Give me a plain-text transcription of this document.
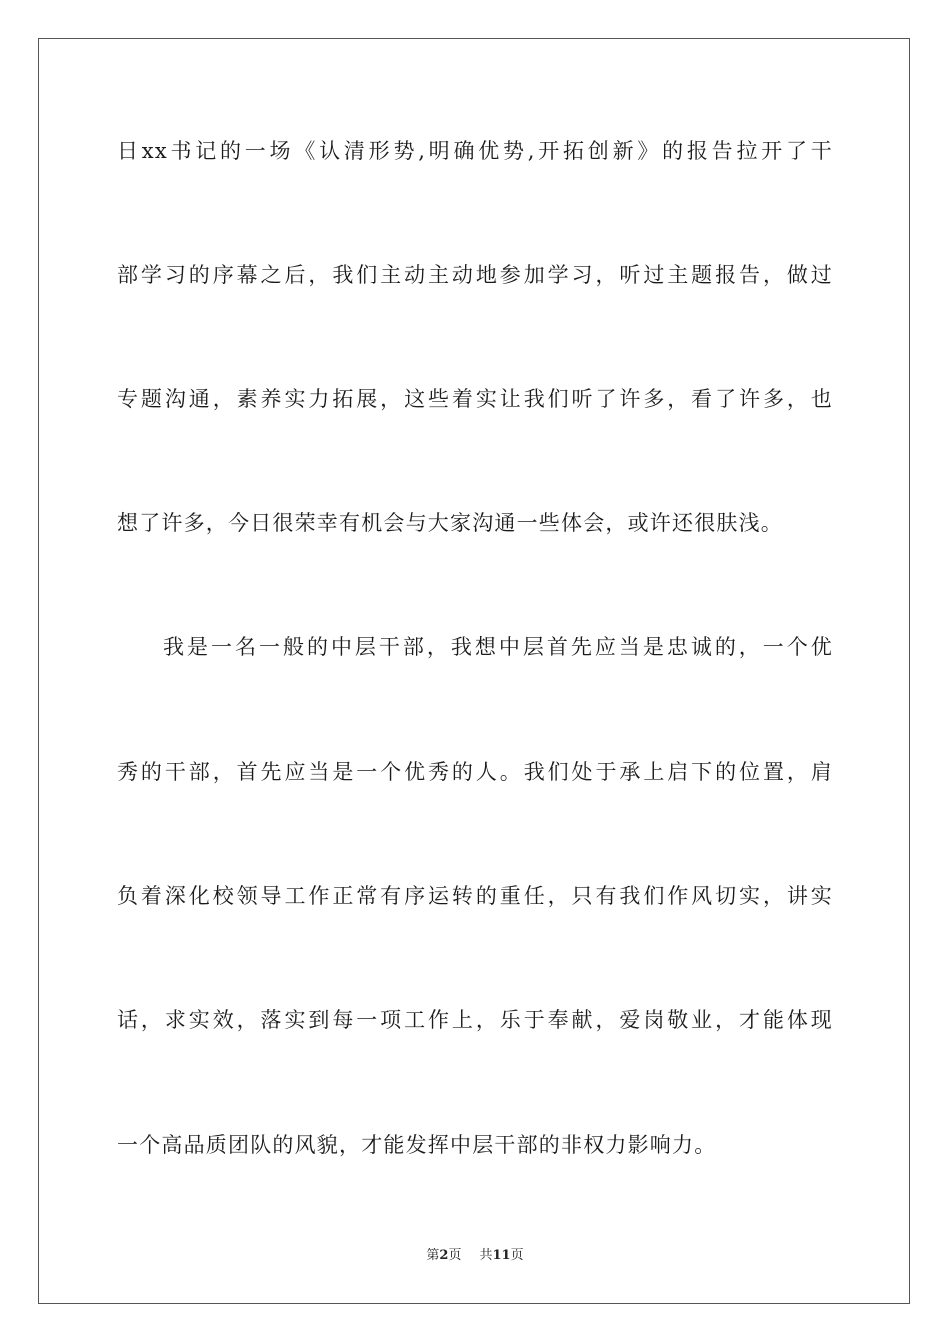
日xx书记的一场《认清形势,明确优势,开拓创新》的报告拉开了干
部学习的序幕之后，我们主动主动地参加学习，听过主题报告，做过
专题沟通，素养实力拓展，这些着实让我们听了许多，看了许多，也
想了许多，今日很荣幸有机会与大家沟通一些体会，或许还很肤浅。
我是一名一般的中层干部，我想中层首先应当是忠诚的，一个优
秀的干部，首先应当是一个优秀的人。我们处于承上启下的位置，肩
负着深化校领导工作正常有序运转的重任，只有我们作风切实，讲实
话，求实效，落实到每一项工作上，乐于奉献，爱岗敬业，才能体现
一个高品质团队的风貌，才能发挥中层干部的非权力影响力。
第2页 共11页
